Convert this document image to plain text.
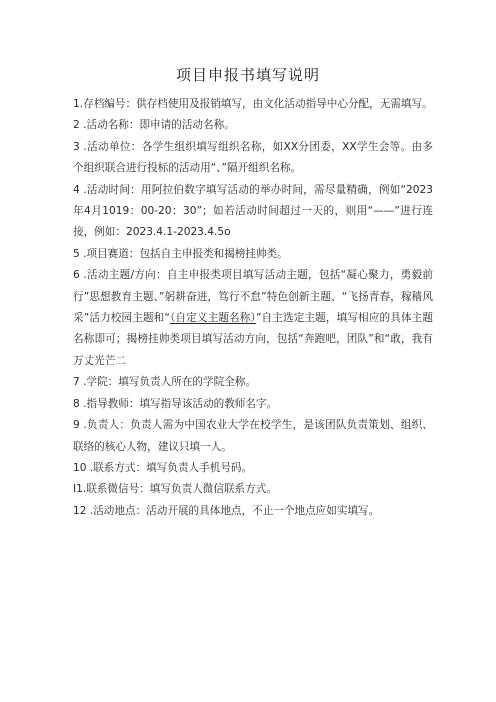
项目申报书填写说明

1.存档编号：供存档使用及报销填写，由文化活动指导中心分配，无需填写。

2 .活动名称：即申请的活动名称。

3 .活动单位：各学生组织填写组织名称，如XX分团委，XX学生会等。由多个组织联合进行投标的活动用“、”隔开组织名称。

4 .活动时间：用阿拉伯数字填写活动的举办时间，需尽量精确，例如“2023年4月1019：00-20：30”；如若活动时间超过一天的，则用“——”进行连接，例如：2023.4.1-2023.4.5o

5 .项目赛道：包括自主申报类和揭榜挂帅类。

6 .活动主题/方向：自主申报类项目填写活动主题，包括“凝心聚力，勇毅前行”思想教育主题、”躬耕奋进，笃行不怠”特色创新主题、“飞扬青春，稼穑风采”活力校园主题和“（自定义主题名称）”自主选定主题，填写相应的具体主题名称即可；揭榜挂帅类项目填写活动方向，包括“奔跑吧，团队”和“敢，我有万丈光芒二

7 .学院：填写负责人所在的学院全称。

8 .指导教师：填写指导该活动的教师名字。

9 .负责人：负责人需为中国农业大学在校学生，是该团队负责策划、组织、联络的核心人物，建议只填一人。

10 .联系方式：填写负责人手机号码。

I1.联系微信号：填写负责人微信联系方式。

12 .活动地点：活动开展的具体地点，不止一个地点应如实填写。
